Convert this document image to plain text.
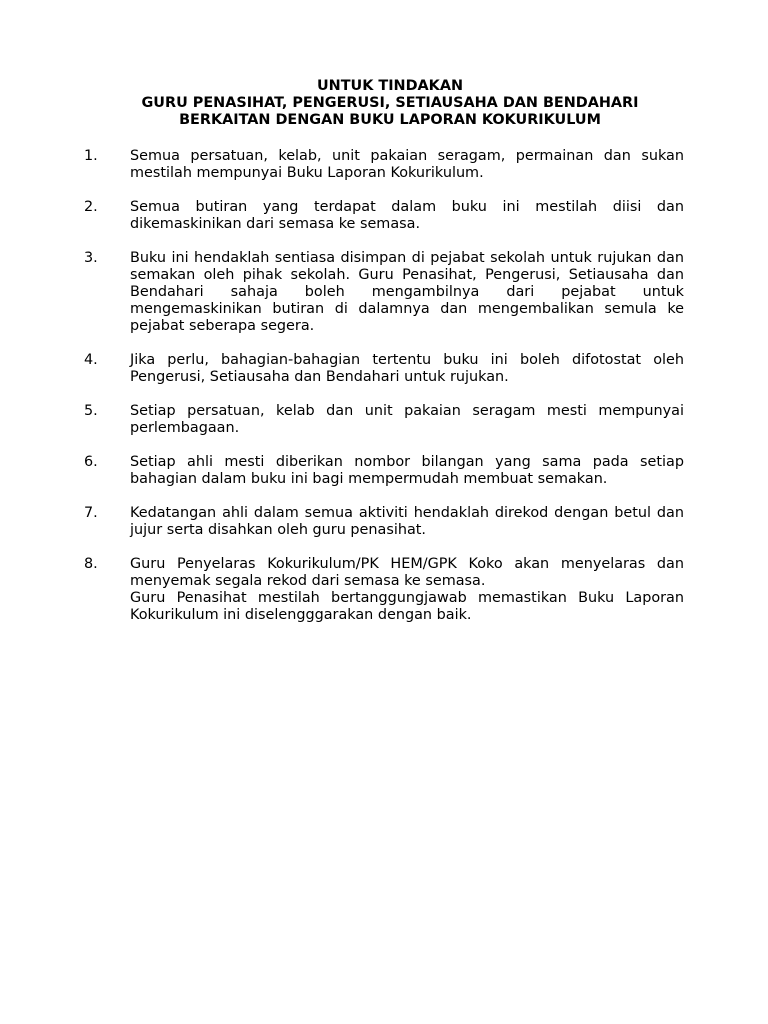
UNTUK TINDAKAN
GURU PENASIHAT, PENGERUSI, SETIAUSAHA DAN BENDAHARI
BERKAITAN DENGAN BUKU LAPORAN KOKURIKULUM
1.	Semua persatuan, kelab, unit pakaian seragam, permainan dan sukan mestilah mempunyai Buku Laporan Kokurikulum.

2.	Semua butiran yang terdapat dalam buku ini mestilah diisi dan dikemaskinikan dari semasa ke semasa.

3.	Buku ini hendaklah sentiasa disimpan di pejabat sekolah untuk rujukan dan semakan oleh pihak sekolah. Guru Penasihat, Pengerusi, Setiausaha dan Bendahari sahaja boleh mengambilnya dari pejabat untuk mengemaskinikan butiran di dalamnya dan mengembalikan semula ke pejabat seberapa segera.

4.	Jika perlu, bahagian-bahagian tertentu buku ini boleh difotostat oleh Pengerusi, Setiausaha dan Bendahari untuk rujukan.

5.	Setiap persatuan, kelab dan unit pakaian seragam mesti mempunyai perlembagaan.

6.	Setiap ahli mesti diberikan nombor bilangan yang sama pada setiap bahagian dalam buku ini bagi mempermudah membuat semakan.

7.	Kedatangan ahli dalam semua aktiviti hendaklah direkod dengan betul dan jujur serta disahkan oleh guru penasihat.

8.	Guru Penyelaras Kokurikulum/PK HEM/GPK Koko akan menyelaras dan menyemak segala rekod dari semasa ke semasa.

Guru Penasihat mestilah bertanggungjawab memastikan Buku Laporan Kokurikulum ini diselengggarakan dengan baik.
